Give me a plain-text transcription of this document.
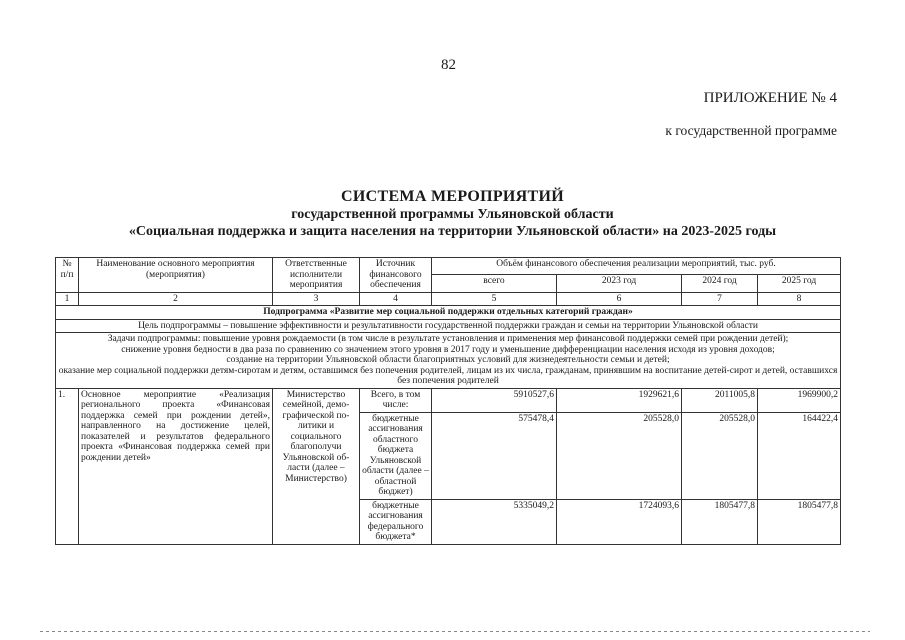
82
ПРИЛОЖЕНИЕ № 4
к государственной программе
СИСТЕМА МЕРОПРИЯТИЙ
государственной программы Ульяновской области
«Социальная поддержка и защита населения на территории Ульяновской области» на 2023-2025 годы
№ п/п	Наименование основного мероприятия (мероприятия)	Ответственные исполнители мероприятия	Источник финансового обеспечения	Объём финансового обеспечения реализации мероприятий, тыс. руб.			
				всего	2023 год	2024 год	2025 год
1	2	3	4	5	6	7	8
Подпрограмма «Развитие мер социальной поддержки отдельных категорий граждан»							
Цель подпрограммы – повышение эффективности и результативности государственной поддержки граждан и семьи на территории Ульяновской области							

Задачи подпрограммы: повышение уровня рождаемости (в том числе в результате установления и применения мер финансовой поддержки семей при рождении детей);
снижение уровня бедности в два раза по сравнению со значением этого уровня в 2017 году и уменьшение дифференциации населения исходя из уровня доходов;
создание на территории Ульяновской области благоприятных условий для жизнедеятельности семьи и детей;
оказание мер социальной поддержки детям-сиротам и детям, оставшимся без попечения родителей, лицам из их числа, гражданам, принявшим на воспитание детей-сирот и детей, оставшихся без попечения родителей							

1.	Основное мероприятие «Реализация регионального проекта «Финансовая поддержка семей при рождении детей», направленного на достижение целей, показателей и результатов федерального проекта «Финансовая поддержка семей при рождении детей»	Министерство семейной, демо-графической по-литики и социального благополучи Ульяновской об-ласти (далее – Министерство)	Всего, в том числе:	5910527,6	1929621,6	2011005,8	1969900,2
			бюджетные ассигнования областного бюджета Ульяновской области (далее – областной бюджет)	575478,4	205528,0	205528,0	164422,4
			бюджетные ассигнования федерального бюджета*	5335049,2	1724093,6	1805477,8	1805477,8
